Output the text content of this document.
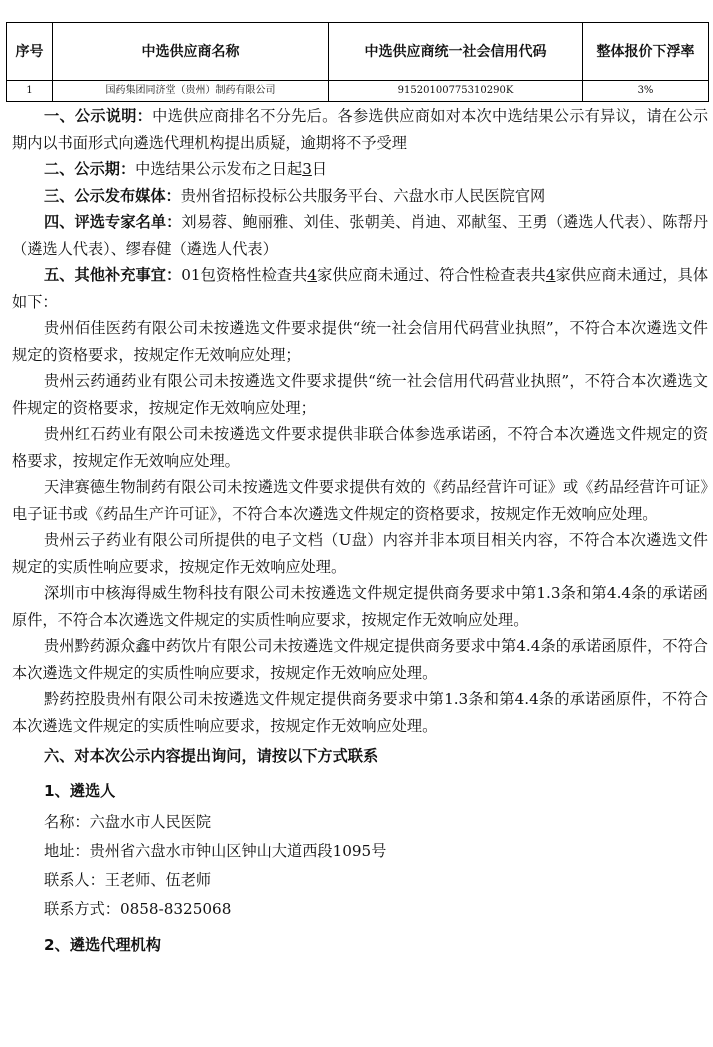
序号	中选供应商名称	中选供应商统一社会信用代码	整体报价下浮率
1	国药集团同济堂（贵州）制药有限公司	91520100775310290K	3%

一、公示说明：中选供应商排名不分先后。各参选供应商如对本次中选结果公示有异议，请在公示期内以书面形式向遴选代理机构提出质疑，逾期将不予受理

二、公示期：中选结果公示发布之日起3日

三、公示发布媒体：贵州省招标投标公共服务平台、六盘水市人民医院官网

四、评选专家名单：刘易蓉、鲍丽雅、刘佳、张朝美、肖迪、邓献玺、王勇（遴选人代表）、陈帮丹（遴选人代表）、缪春健（遴选人代表）

五、其他补充事宜：01包资格性检查共4家供应商未通过、符合性检查表共4家供应商未通过，具体如下：

贵州佰佳医药有限公司未按遴选文件要求提供“统一社会信用代码营业执照”，不符合本次遴选文件规定的资格要求，按规定作无效响应处理；

贵州云药通药业有限公司未按遴选文件要求提供“统一社会信用代码营业执照”，不符合本次遴选文件规定的资格要求，按规定作无效响应处理；

贵州红石药业有限公司未按遴选文件要求提供非联合体参选承诺函，不符合本次遴选文件规定的资格要求，按规定作无效响应处理。

天津赛德生物制药有限公司未按遴选文件要求提供有效的《药品经营许可证》或《药品经营许可证》电子证书或《药品生产许可证》，不符合本次遴选文件规定的资格要求，按规定作无效响应处理。

贵州云子药业有限公司所提供的电子文档（U盘）内容并非本项目相关内容，不符合本次遴选文件规定的实质性响应要求，按规定作无效响应处理。

深圳市中核海得威生物科技有限公司未按遴选文件规定提供商务要求中第1.3条和第4.4条的承诺函原件，不符合本次遴选文件规定的实质性响应要求，按规定作无效响应处理。

贵州黔药源众鑫中药饮片有限公司未按遴选文件规定提供商务要求中第4.4条的承诺函原件，不符合本次遴选文件规定的实质性响应要求，按规定作无效响应处理。

黔药控股贵州有限公司未按遴选文件规定提供商务要求中第1.3条和第4.4条的承诺函原件，不符合本次遴选文件规定的实质性响应要求，按规定作无效响应处理。

六、对本次公示内容提出询问，请按以下方式联系

1、遴选人

名称：六盘水市人民医院

地址：贵州省六盘水市钟山区钟山大道西段1095号

联系人：王老师、伍老师

联系方式：0858-8325068

2、遴选代理机构
